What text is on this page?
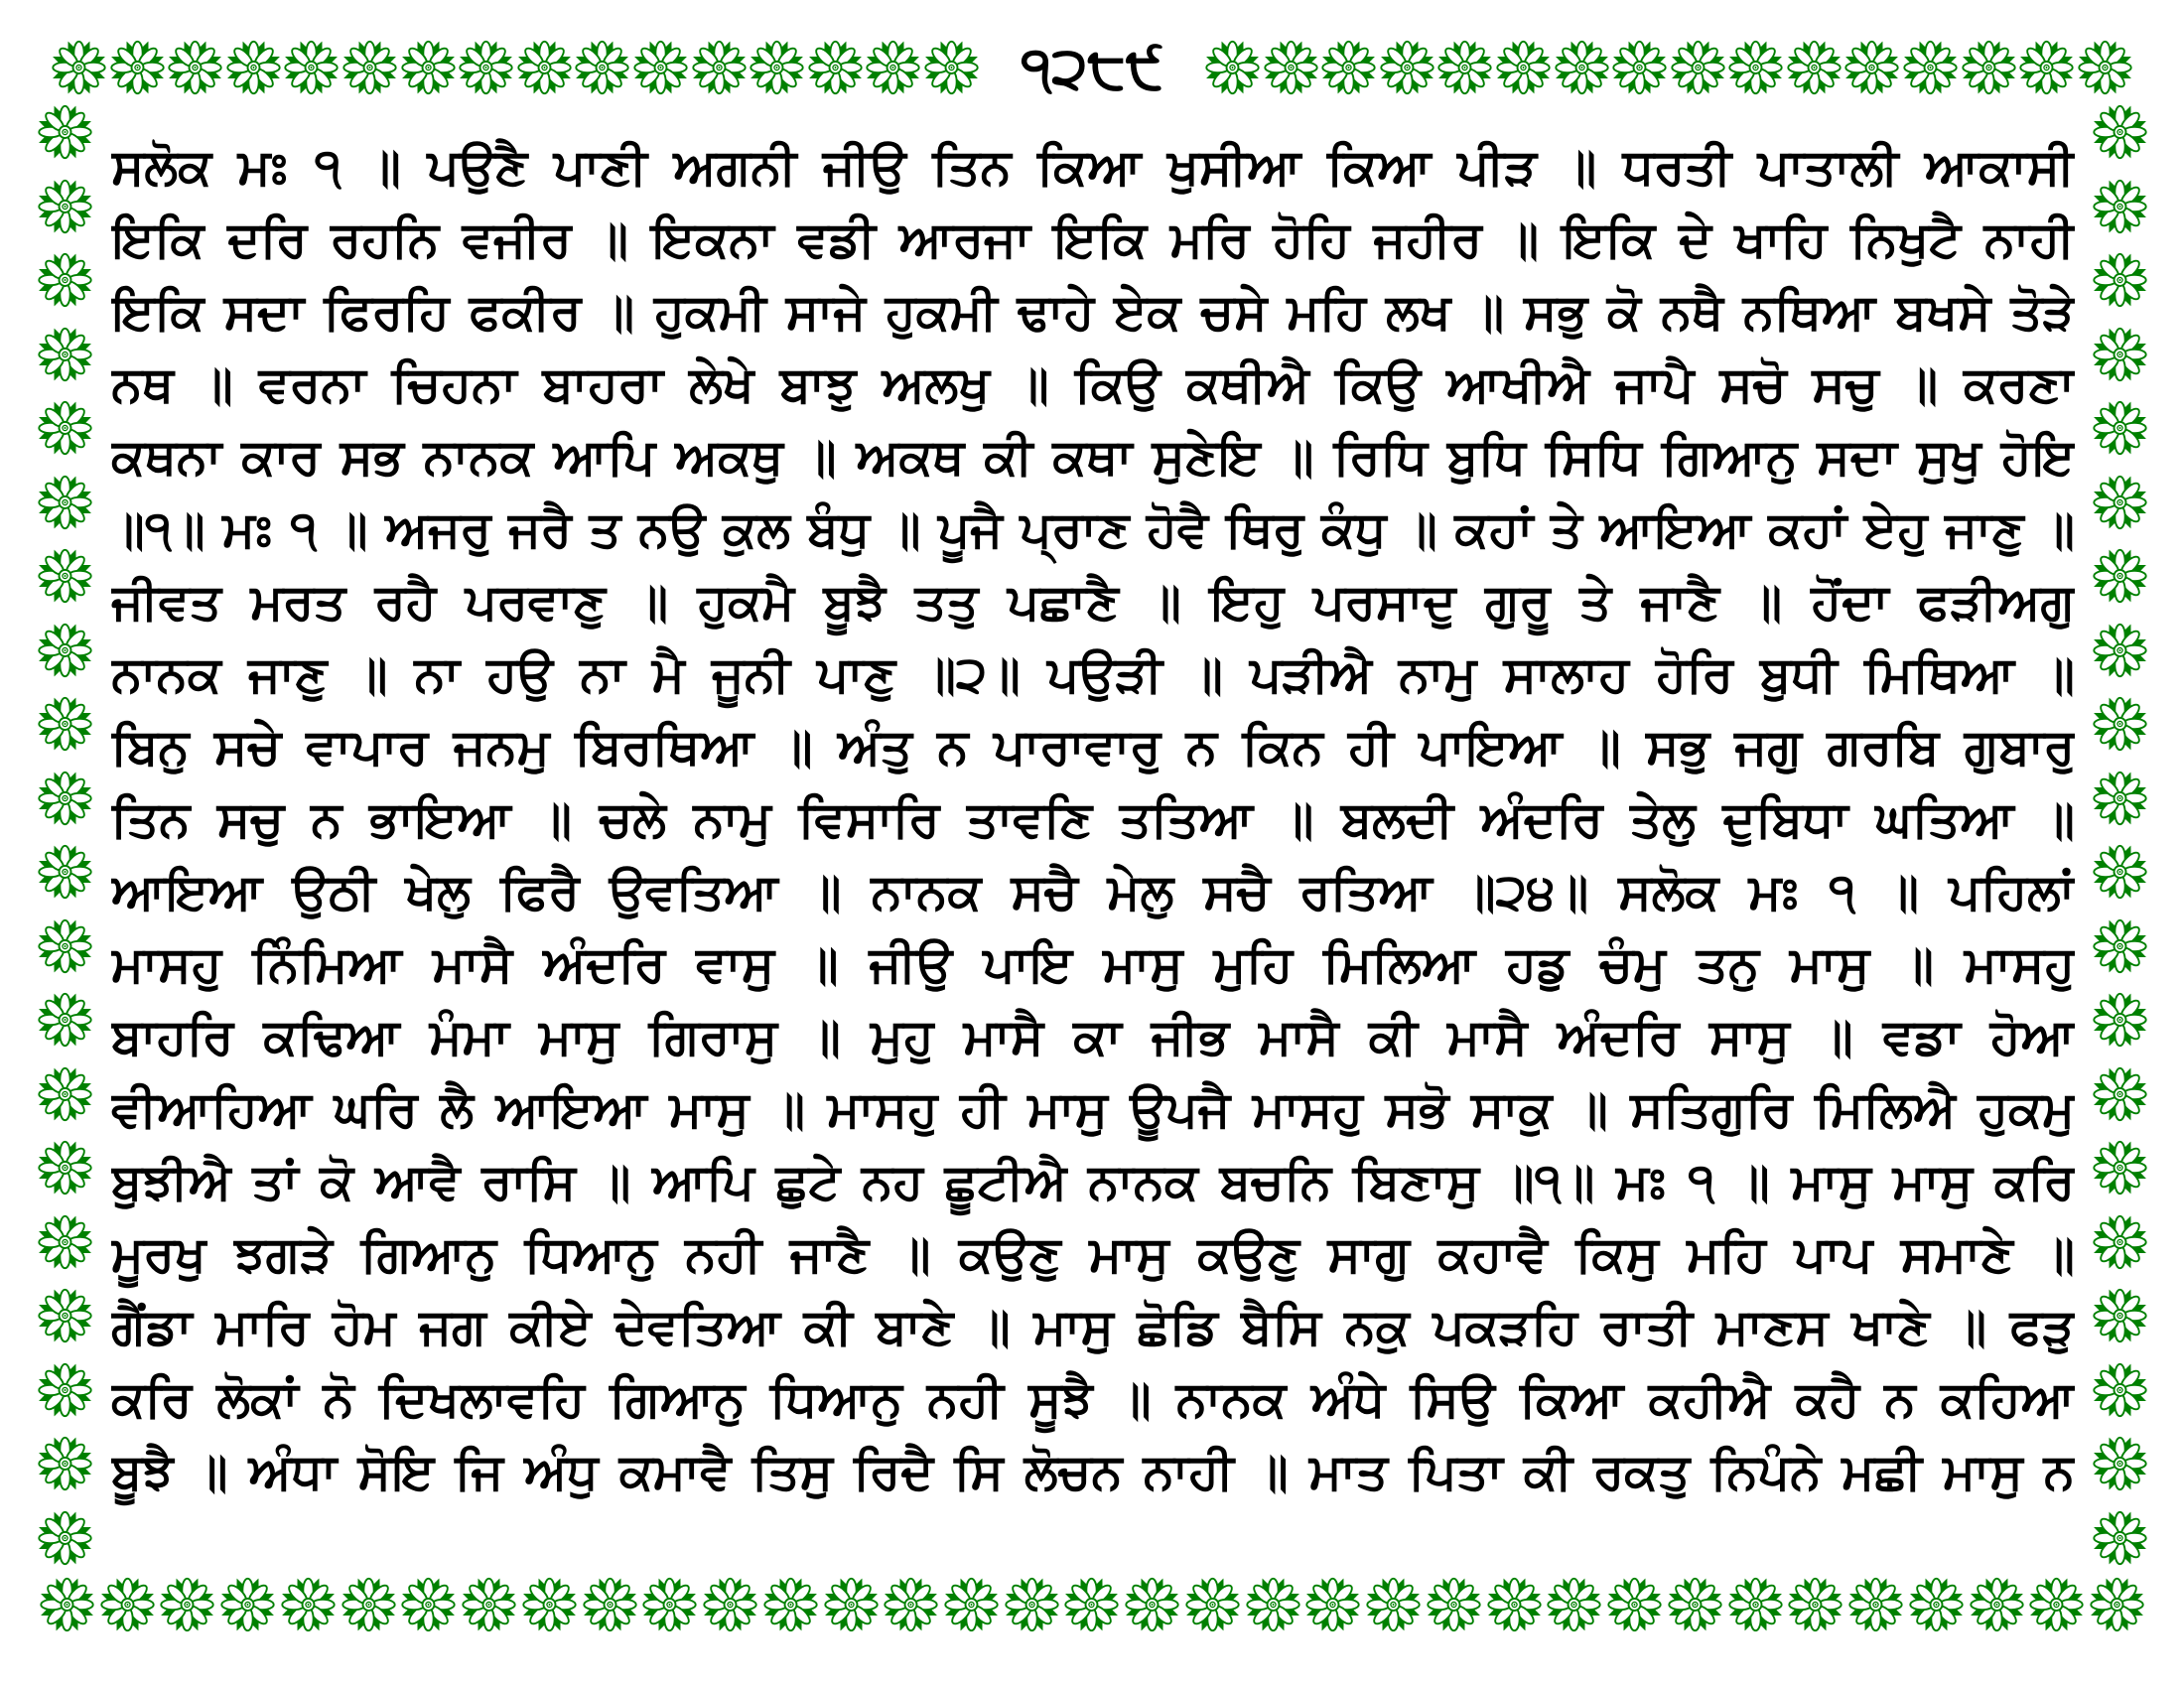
੧੨੮੯
ਸਲੋਕ ਮਃ ੧ ॥ ਪਉਣੈ ਪਾਣੀ ਅਗਨੀ ਜੀਉ ਤਿਨ ਕਿਆ ਖੁਸੀਆ ਕਿਆ ਪੀੜ ॥ ਧਰਤੀ ਪਾਤਾਲੀ ਆਕਾਸੀ
ਇਕਿ ਦਰਿ ਰਹਨਿ ਵਜੀਰ ॥ ਇਕਨਾ ਵਡੀ ਆਰਜਾ ਇਕਿ ਮਰਿ ਹੋਹਿ ਜਹੀਰ ॥ ਇਕਿ ਦੇ ਖਾਹਿ ਨਿਖੁਟੈ ਨਾਹੀ
ਇਕਿ ਸਦਾ ਫਿਰਹਿ ਫਕੀਰ ॥ ਹੁਕਮੀ ਸਾਜੇ ਹੁਕਮੀ ਢਾਹੇ ਏਕ ਚਸੇ ਮਹਿ ਲਖ ॥ ਸਭੁ ਕੋ ਨਥੈ ਨਥਿਆ ਬਖਸੇ ਤੋੜੇ
ਨਥ ॥ ਵਰਨਾ ਚਿਹਨਾ ਬਾਹਰਾ ਲੇਖੇ ਬਾਝੁ ਅਲਖੁ ॥ ਕਿਉ ਕਥੀਐ ਕਿਉ ਆਖੀਐ ਜਾਪੈ ਸਚੋ ਸਚੁ ॥ ਕਰਣਾ
ਕਥਨਾ ਕਾਰ ਸਭ ਨਾਨਕ ਆਪਿ ਅਕਥੁ ॥ ਅਕਥ ਕੀ ਕਥਾ ਸੁਣੇਇ ॥ ਰਿਧਿ ਬੁਧਿ ਸਿਧਿ ਗਿਆਨੁ ਸਦਾ ਸੁਖੁ ਹੋਇ
॥੧॥ ਮਃ ੧ ॥ ਅਜਰੁ ਜਰੈ ਤ ਨਉ ਕੁਲ ਬੰਧੁ ॥ ਪੂਜੈ ਪ੍ਰਾਣ ਹੋਵੈ ਥਿਰੁ ਕੰਧੁ ॥ ਕਹਾਂ ਤੇ ਆਇਆ ਕਹਾਂ ਏਹੁ ਜਾਣੁ ॥
ਜੀਵਤ ਮਰਤ ਰਹੈ ਪਰਵਾਣੁ ॥ ਹੁਕਮੈ ਬੂਝੈ ਤਤੁ ਪਛਾਣੈ ॥ ਇਹੁ ਪਰਸਾਦੁ ਗੁਰੂ ਤੇ ਜਾਣੈ ॥ ਹੋਂਦਾ ਫੜੀਅਗੁ
ਨਾਨਕ ਜਾਣੁ ॥ ਨਾ ਹਉ ਨਾ ਮੈ ਜੂਨੀ ਪਾਣੁ ॥੨॥ ਪਉੜੀ ॥ ਪੜੀਐ ਨਾਮੁ ਸਾਲਾਹ ਹੋਰਿ ਬੁਧੀ ਮਿਥਿਆ ॥
ਬਿਨੁ ਸਚੇ ਵਾਪਾਰ ਜਨਮੁ ਬਿਰਥਿਆ ॥ ਅੰਤੁ ਨ ਪਾਰਾਵਾਰੁ ਨ ਕਿਨ ਹੀ ਪਾਇਆ ॥ ਸਭੁ ਜਗੁ ਗਰਬਿ ਗੁਬਾਰੁ
ਤਿਨ ਸਚੁ ਨ ਭਾਇਆ ॥ ਚਲੇ ਨਾਮੁ ਵਿਸਾਰਿ ਤਾਵਣਿ ਤਤਿਆ ॥ ਬਲਦੀ ਅੰਦਰਿ ਤੇਲੁ ਦੁਬਿਧਾ ਘਤਿਆ ॥
ਆਇਆ ਉਠੀ ਖੇਲੁ ਫਿਰੈ ਉਵਤਿਆ ॥ ਨਾਨਕ ਸਚੈ ਮੇਲੁ ਸਚੈ ਰਤਿਆ ॥੨੪॥ ਸਲੋਕ ਮਃ ੧ ॥ ਪਹਿਲਾਂ
ਮਾਸਹੁ ਨਿੰਮਿਆ ਮਾਸੈ ਅੰਦਰਿ ਵਾਸੁ ॥ ਜੀਉ ਪਾਇ ਮਾਸੁ ਮੁਹਿ ਮਿਲਿਆ ਹਡੁ ਚੰਮੁ ਤਨੁ ਮਾਸੁ ॥ ਮਾਸਹੁ
ਬਾਹਰਿ ਕਢਿਆ ਮੰਮਾ ਮਾਸੁ ਗਿਰਾਸੁ ॥ ਮੁਹੁ ਮਾਸੈ ਕਾ ਜੀਭ ਮਾਸੈ ਕੀ ਮਾਸੈ ਅੰਦਰਿ ਸਾਸੁ ॥ ਵਡਾ ਹੋਆ
ਵੀਆਹਿਆ ਘਰਿ ਲੈ ਆਇਆ ਮਾਸੁ ॥ ਮਾਸਹੁ ਹੀ ਮਾਸੁ ਊਪਜੈ ਮਾਸਹੁ ਸਭੋ ਸਾਕੁ ॥ ਸਤਿਗੁਰਿ ਮਿਲਿਐ ਹੁਕਮੁ
ਬੁਝੀਐ ਤਾਂ ਕੋ ਆਵੈ ਰਾਸਿ ॥ ਆਪਿ ਛੁਟੇ ਨਹ ਛੂਟੀਐ ਨਾਨਕ ਬਚਨਿ ਬਿਣਾਸੁ ॥੧॥ ਮਃ ੧ ॥ ਮਾਸੁ ਮਾਸੁ ਕਰਿ
ਮੂਰਖੁ ਝਗੜੇ ਗਿਆਨੁ ਧਿਆਨੁ ਨਹੀ ਜਾਣੈ ॥ ਕਉਣੁ ਮਾਸੁ ਕਉਣੁ ਸਾਗੁ ਕਹਾਵੈ ਕਿਸੁ ਮਹਿ ਪਾਪ ਸਮਾਣੇ ॥
ਗੈਂਡਾ ਮਾਰਿ ਹੋਮ ਜਗ ਕੀਏ ਦੇਵਤਿਆ ਕੀ ਬਾਣੇ ॥ ਮਾਸੁ ਛੋਡਿ ਬੈਸਿ ਨਕੁ ਪਕੜਹਿ ਰਾਤੀ ਮਾਣਸ ਖਾਣੇ ॥ ਫੜੁ
ਕਰਿ ਲੋਕਾਂ ਨੋ ਦਿਖਲਾਵਹਿ ਗਿਆਨੁ ਧਿਆਨੁ ਨਹੀ ਸੂਝੈ ॥ ਨਾਨਕ ਅੰਧੇ ਸਿਉ ਕਿਆ ਕਹੀਐ ਕਹੈ ਨ ਕਹਿਆ
ਬੂਝੈ ॥ ਅੰਧਾ ਸੋਇ ਜਿ ਅੰਧੁ ਕਮਾਵੈ ਤਿਸੁ ਰਿਦੈ ਸਿ ਲੋਚਨ ਨਾਹੀ ॥ ਮਾਤ ਪਿਤਾ ਕੀ ਰਕਤੁ ਨਿਪੰਨੇ ਮਛੀ ਮਾਸੁ ਨ
